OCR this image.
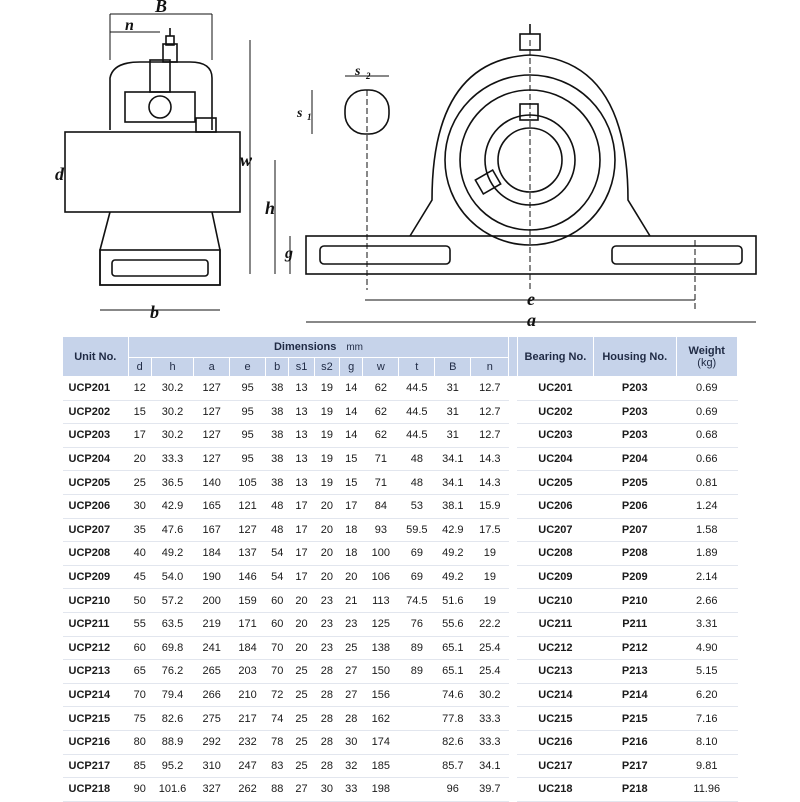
B
n
d
b
w
h
g
e
a
s 2
s 1
Unit No.	Dimensions mm													Bearing No.	Housing No.	Weight
(kg)

	d	h	a	e	b	s1	s2	g	w	t	B	n				
UCP201	12	30.2	127	95	38	13	19	14	62	44.5	31	12.7		UC201	P203	0.69
UCP202	15	30.2	127	95	38	13	19	14	62	44.5	31	12.7		UC202	P203	0.69
UCP203	17	30.2	127	95	38	13	19	14	62	44.5	31	12.7		UC203	P203	0.68
UCP204	20	33.3	127	95	38	13	19	15	71	48	34.1	14.3		UC204	P204	0.66
UCP205	25	36.5	140	105	38	13	19	15	71	48	34.1	14.3		UC205	P205	0.81
UCP206	30	42.9	165	121	48	17	20	17	84	53	38.1	15.9		UC206	P206	1.24
UCP207	35	47.6	167	127	48	17	20	18	93	59.5	42.9	17.5		UC207	P207	1.58
UCP208	40	49.2	184	137	54	17	20	18	100	69	49.2	19		UC208	P208	1.89
UCP209	45	54.0	190	146	54	17	20	20	106	69	49.2	19		UC209	P209	2.14
UCP210	50	57.2	200	159	60	20	23	21	113	74.5	51.6	19		UC210	P210	2.66
UCP211	55	63.5	219	171	60	20	23	23	125	76	55.6	22.2		UC211	P211	3.31
UCP212	60	69.8	241	184	70	20	23	25	138	89	65.1	25.4		UC212	P212	4.90
UCP213	65	76.2	265	203	70	25	28	27	150	89	65.1	25.4		UC213	P213	5.15
UCP214	70	79.4	266	210	72	25	28	27	156		74.6	30.2		UC214	P214	6.20
UCP215	75	82.6	275	217	74	25	28	28	162		77.8	33.3		UC215	P215	7.16
UCP216	80	88.9	292	232	78	25	28	30	174		82.6	33.3		UC216	P216	8.10
UCP217	85	95.2	310	247	83	25	28	32	185		85.7	34.1		UC217	P217	9.81
UCP218	90	101.6	327	262	88	27	30	33	198		96	39.7		UC218	P218	11.96
